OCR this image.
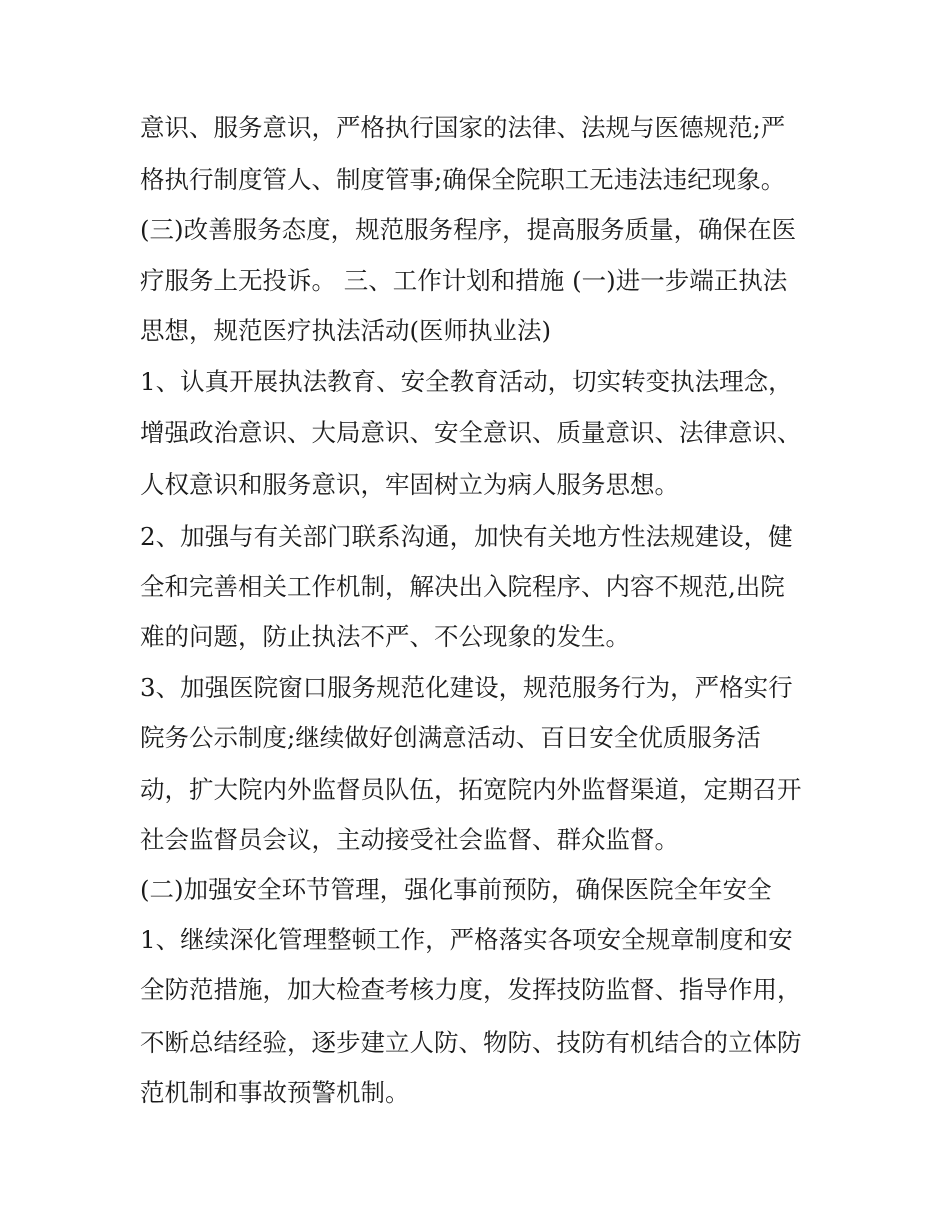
意识、服务意识，严格执行国家的法律、法规与医德规范;严
格执行制度管人、制度管事;确保全院职工无违法违纪现象。
(三)改善服务态度，规范服务程序，提高服务质量，确保在医
疗服务上无投诉。 三、工作计划和措施 (一)进一步端正执法
思想，规范医疗执法活动(医师执业法)
1、认真开展执法教育、安全教育活动，切实转变执法理念，
增强政治意识、大局意识、安全意识、质量意识、法律意识、
人权意识和服务意识，牢固树立为病人服务思想。
2、加强与有关部门联系沟通，加快有关地方性法规建设，健
全和完善相关工作机制，解决出入院程序、内容不规范,出院
难的问题，防止执法不严、不公现象的发生。
3、加强医院窗口服务规范化建设，规范服务行为，严格实行
院务公示制度;继续做好创满意活动、百日安全优质服务活
动，扩大院内外监督员队伍，拓宽院内外监督渠道，定期召开
社会监督员会议，主动接受社会监督、群众监督。
(二)加强安全环节管理，强化事前预防，确保医院全年安全
1、继续深化管理整顿工作，严格落实各项安全规章制度和安
全防范措施，加大检查考核力度，发挥技防监督、指导作用，
不断总结经验，逐步建立人防、物防、技防有机结合的立体防
范机制和事故预警机制。
